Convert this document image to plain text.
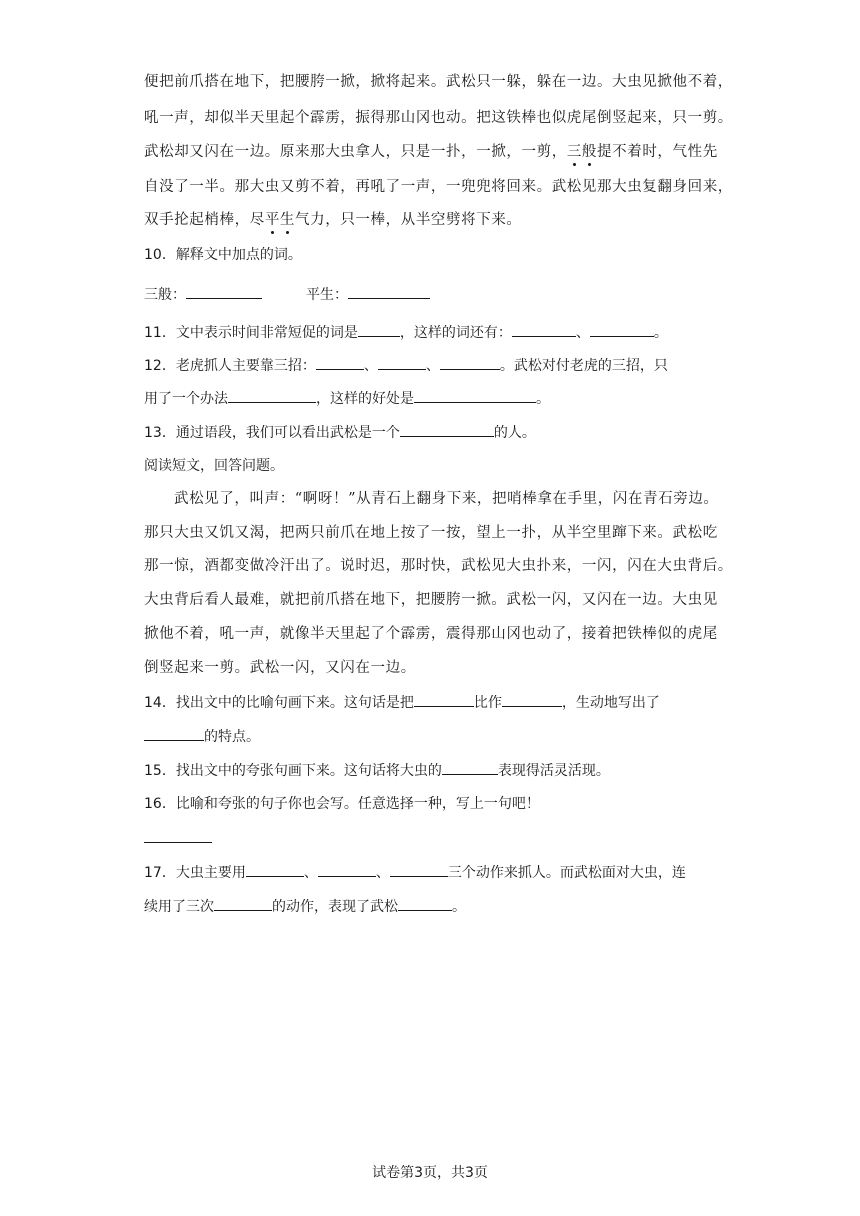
便把前爪搭在地下，把腰胯一掀，掀将起来。武松只一躲，躲在一边。大虫见掀他不着，
吼一声，却似半天里起个霹雳，振得那山冈也动。把这铁棒也似虎尾倒竖起来，只一剪。
武松却又闪在一边。原来那大虫拿人，只是一扑，一掀，一剪，三般提不着时，气性先
自没了一半。那大虫又剪不着，再吼了一声，一兜兜将回来。武松见那大虫复翻身回来，
双手抡起梢棒，尽平生气力，只一棒，从半空劈将下来。
10．解释文中加点的词。
三般：	平生：
11．文中表示时间非常短促的词是	，这样的词还有：	、	。
12．老虎抓人主要靠三招：	、	、	。武松对付老虎的三招，只
用了一个办法	，这样的好处是	。
13．通过语段，我们可以看出武松是一个	的人。
阅读短文，回答问题。
武松见了，叫声：“啊呀！”从青石上翻身下来，把哨棒拿在手里，闪在青石旁边。
那只大虫又饥又渴，把两只前爪在地上按了一按，望上一扑，从半空里蹿下来。武松吃
那一惊，酒都变做冷汗出了。说时迟，那时快，武松见大虫扑来，一闪，闪在大虫背后。
大虫背后看人最难，就把前爪搭在地下，把腰胯一掀。武松一闪，又闪在一边。大虫见
掀他不着，吼一声，就像半天里起了个霹雳，震得那山冈也动了，接着把铁棒似的虎尾
倒竖起来一剪。武松一闪，又闪在一边。
14．找出文中的比喻句画下来。这句话是把	比作	，生动地写出了
的特点。
15．找出文中的夸张句画下来。这句话将大虫的	表现得活灵活现。
16．比喻和夸张的句子你也会写。任意选择一种，写上一句吧！
17．大虫主要用	、	、	三个动作来抓人。而武松面对大虫，连
续用了三次	的动作，表现了武松	。
试卷第3页，共3页
